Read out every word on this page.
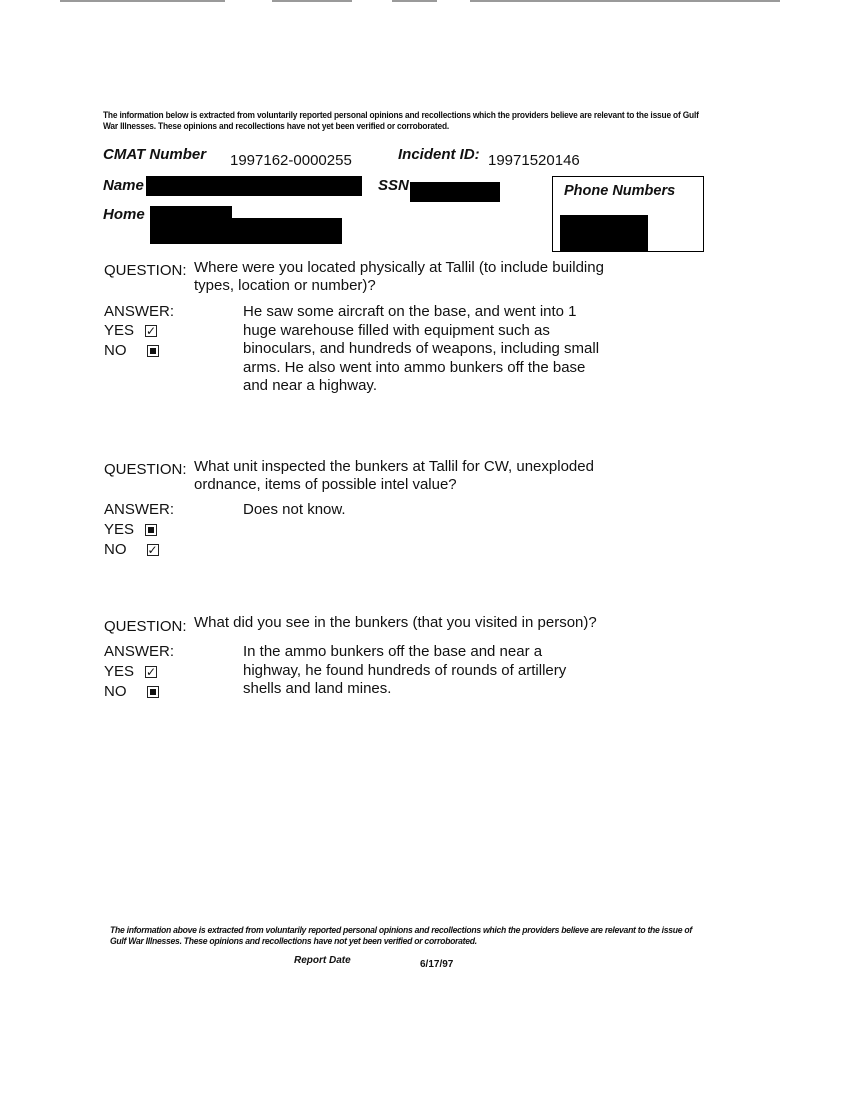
The information below is extracted from voluntarily reported personal opinions and recollections which the providers believe are relevant to the issue of Gulf War Illnesses. These opinions and recollections have not yet been verified or corroborated.
CMAT Number 1997162-0000255	Incident ID: 19971520146
Name	SSN
Home
Phone Numbers
QUESTION: Where were you located physically at Tallil (to include building types, location or number)?
ANSWER:
YES✓
NO
He saw some aircraft on the base, and went into 1 huge warehouse filled with equipment such as binoculars, and hundreds of weapons, including small arms. He also went into ammo bunkers off the base and near a highway.
QUESTION: What unit inspected the bunkers at Tallil for CW, unexploded ordnance, items of possible intel value?
ANSWER:
YES
NO✓
Does not know.
QUESTION: What did you see in the bunkers (that you visited in person)?
ANSWER:
YES✓
NO
In the ammo bunkers off the base and near a highway, he found hundreds of rounds of artillery shells and land mines.
The information above is extracted from voluntarily reported personal opinions and recollections which the providers believe are relevant to the issue of Gulf War Illnesses. These opinions and recollections have not yet been verified or corroborated.
Report Date	6/17/97
